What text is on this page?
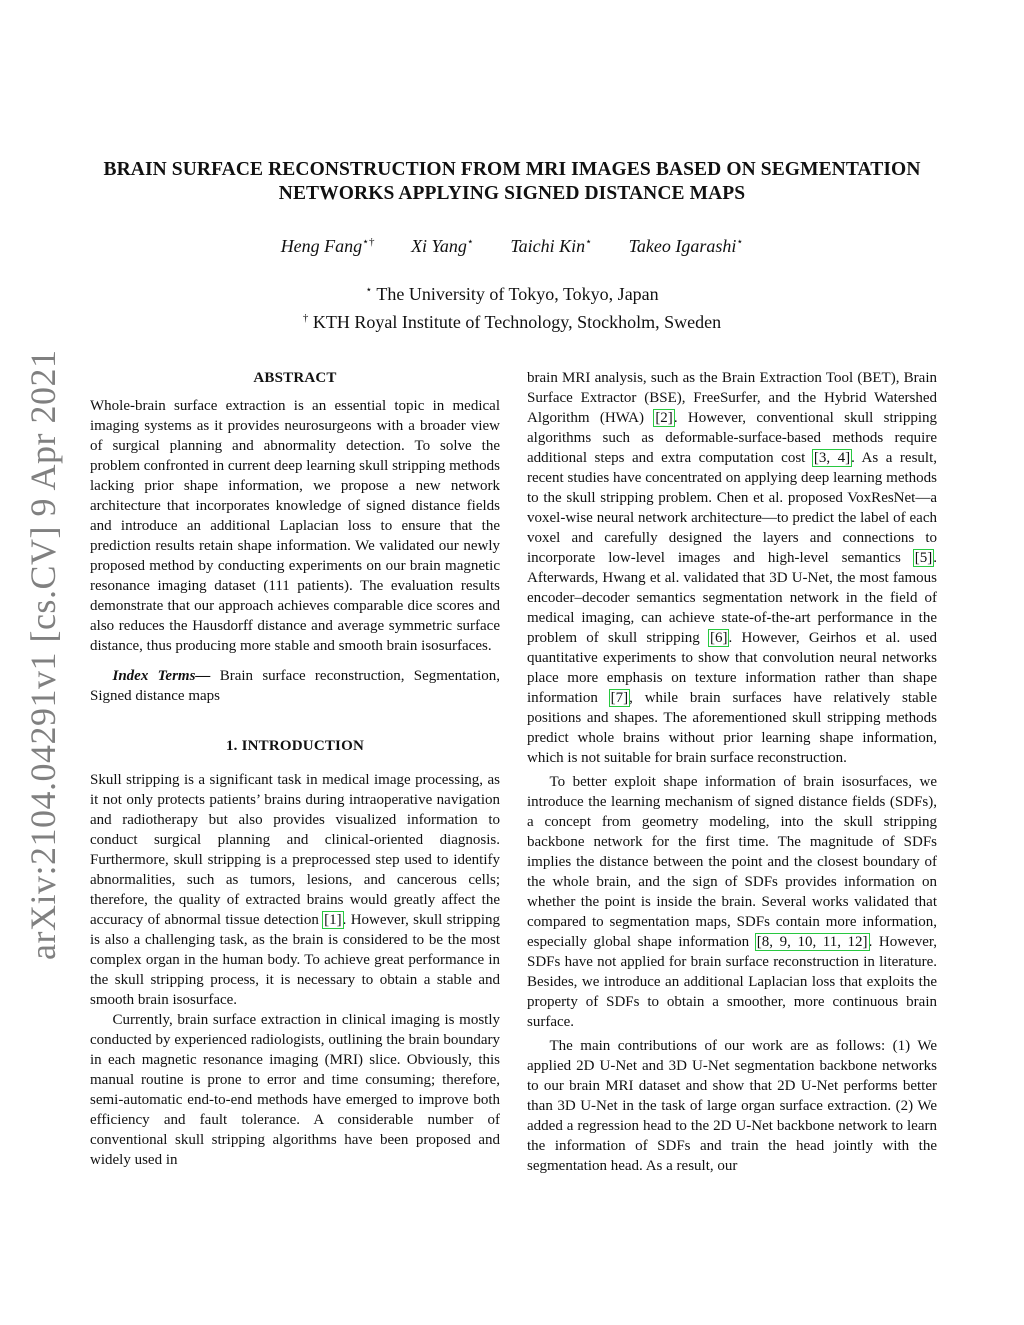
arXiv:2104.04291v1 [cs.CV] 9 Apr 2021
BRAIN SURFACE RECONSTRUCTION FROM MRI IMAGES BASED ON SEGMENTATION
NETWORKS APPLYING SIGNED DISTANCE MAPS
Heng Fang⋆† Xi Yang⋆ Taichi Kin⋆ Takeo Igarashi⋆
⋆ The University of Tokyo, Tokyo, Japan
† KTH Royal Institute of Technology, Stockholm, Sweden
ABSTRACT

Whole-brain surface extraction is an essential topic in medical imaging systems as it provides neurosurgeons with a broader view of surgical planning and abnormality detection. To solve the problem confronted in current deep learning skull stripping methods lacking prior shape information, we propose a new network architecture that incorporates knowledge of signed distance fields and introduce an additional Laplacian loss to ensure that the prediction results retain shape information. We validated our newly proposed method by conducting experiments on our brain magnetic resonance imaging dataset (111 patients). The evaluation results demonstrate that our approach achieves comparable dice scores and also reduces the Hausdorff distance and average symmetric surface distance, thus producing more stable and smooth brain isosurfaces.

Index Terms— Brain surface reconstruction, Segmentation, Signed distance maps

1. INTRODUCTION

Skull stripping is a significant task in medical image processing, as it not only protects patients’ brains during intraoperative navigation and radiotherapy but also provides visualized information to conduct surgical planning and clinical-oriented diagnosis. Furthermore, skull stripping is a preprocessed step used to identify abnormalities, such as tumors, lesions, and cancerous cells; therefore, the quality of extracted brains would greatly affect the accuracy of abnormal tissue detection [1]. However, skull stripping is also a challenging task, as the brain is considered to be the most complex organ in the human body. To achieve great performance in the skull stripping process, it is necessary to obtain a stable and smooth brain isosurface.

Currently, brain surface extraction in clinical imaging is mostly conducted by experienced radiologists, outlining the brain boundary in each magnetic resonance imaging (MRI) slice. Obviously, this manual routine is prone to error and time consuming; therefore, semi-automatic end-to-end methods have emerged to improve both efficiency and fault tolerance. A considerable number of conventional skull stripping algorithms have been proposed and widely used in

brain MRI analysis, such as the Brain Extraction Tool (BET), Brain Surface Extractor (BSE), FreeSurfer, and the Hybrid Watershed Algorithm (HWA) [2]. However, conventional skull stripping algorithms such as deformable-surface-based methods require additional steps and extra computation cost [3, 4]. As a result, recent studies have concentrated on applying deep learning methods to the skull stripping problem. Chen et al. proposed VoxResNet—a voxel-wise neural network architecture—to predict the label of each voxel and carefully designed the layers and connections to incorporate low-level images and high-level semantics [5]. Afterwards, Hwang et al. validated that 3D U-Net, the most famous encoder–decoder semantics segmentation network in the field of medical imaging, can achieve state-of-the-art performance in the problem of skull stripping [6]. However, Geirhos et al. used quantitative experiments to show that convolution neural networks place more emphasis on texture information rather than shape information [7], while brain surfaces have relatively stable positions and shapes. The aforementioned skull stripping methods predict whole brains without prior learning shape information, which is not suitable for brain surface reconstruction.

To better exploit shape information of brain isosurfaces, we introduce the learning mechanism of signed distance fields (SDFs), a concept from geometry modeling, into the skull stripping backbone network for the first time. The magnitude of SDFs implies the distance between the point and the closest boundary of the whole brain, and the sign of SDFs provides information on whether the point is inside the brain. Several works validated that compared to segmentation maps, SDFs contain more information, especially global shape information [8, 9, 10, 11, 12]. However, SDFs have not applied for brain surface reconstruction in literature. Besides, we introduce an additional Laplacian loss that exploits the property of SDFs to obtain a smoother, more continuous brain surface.

The main contributions of our work are as follows: (1) We applied 2D U-Net and 3D U-Net segmentation backbone networks to our brain MRI dataset and show that 2D U-Net performs better than 3D U-Net in the task of large organ surface extraction. (2) We added a regression head to the 2D U-Net backbone network to learn the information of SDFs and train the head jointly with the segmentation head. As a result, our
